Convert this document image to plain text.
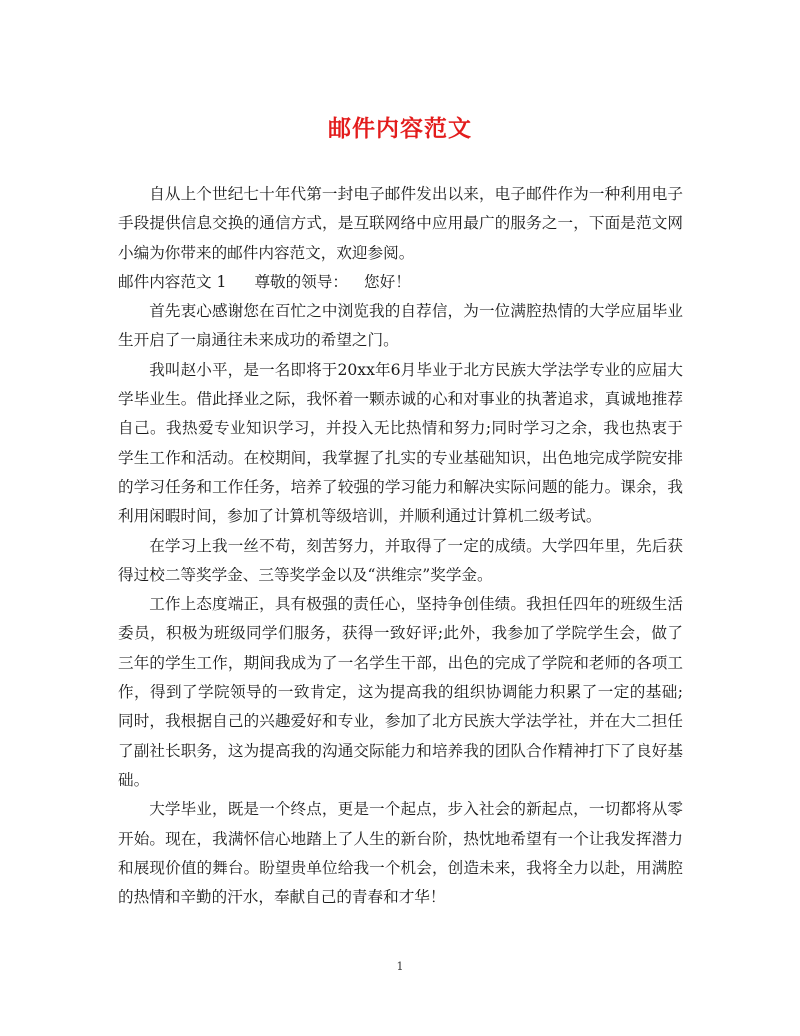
邮件内容范文

自从上个世纪七十年代第一封电子邮件发出以来，电子邮件作为一种利用电子手段提供信息交换的通信方式，是互联网络中应用最广的服务之一，下面是范文网小编为你带来的邮件内容范文，欢迎参阅。

邮件内容范文 1 尊敬的领导： 您好！

首先衷心感谢您在百忙之中浏览我的自荐信，为一位满腔热情的大学应届毕业生开启了一扇通往未来成功的希望之门。

我叫赵小平，是一名即将于20xx年6月毕业于北方民族大学法学专业的应届大学毕业生。借此择业之际，我怀着一颗赤诚的心和对事业的执著追求，真诚地推荐自己。我热爱专业知识学习，并投入无比热情和努力;同时学习之余，我也热衷于学生工作和活动。在校期间，我掌握了扎实的专业基础知识，出色地完成学院安排的学习任务和工作任务，培养了较强的学习能力和解决实际问题的能力。课余，我利用闲暇时间，参加了计算机等级培训，并顺利通过计算机二级考试。

在学习上我一丝不苟，刻苦努力，并取得了一定的成绩。大学四年里，先后获得过校二等奖学金、三等奖学金以及“洪维宗”奖学金。

工作上态度端正，具有极强的责任心，坚持争创佳绩。我担任四年的班级生活委员，积极为班级同学们服务，获得一致好评;此外，我参加了学院学生会，做了三年的学生工作，期间我成为了一名学生干部，出色的完成了学院和老师的各项工作，得到了学院领导的一致肯定，这为提高我的组织协调能力积累了一定的基础;同时，我根据自己的兴趣爱好和专业，参加了北方民族大学法学社，并在大二担任了副社长职务，这为提高我的沟通交际能力和培养我的团队合作精神打下了良好基础。

大学毕业，既是一个终点，更是一个起点，步入社会的新起点，一切都将从零开始。现在，我满怀信心地踏上了人生的新台阶，热忱地希望有一个让我发挥潜力和展现价值的舞台。盼望贵单位给我一个机会，创造未来，我将全力以赴，用满腔的热情和辛勤的汗水，奉献自己的青春和才华！

1
